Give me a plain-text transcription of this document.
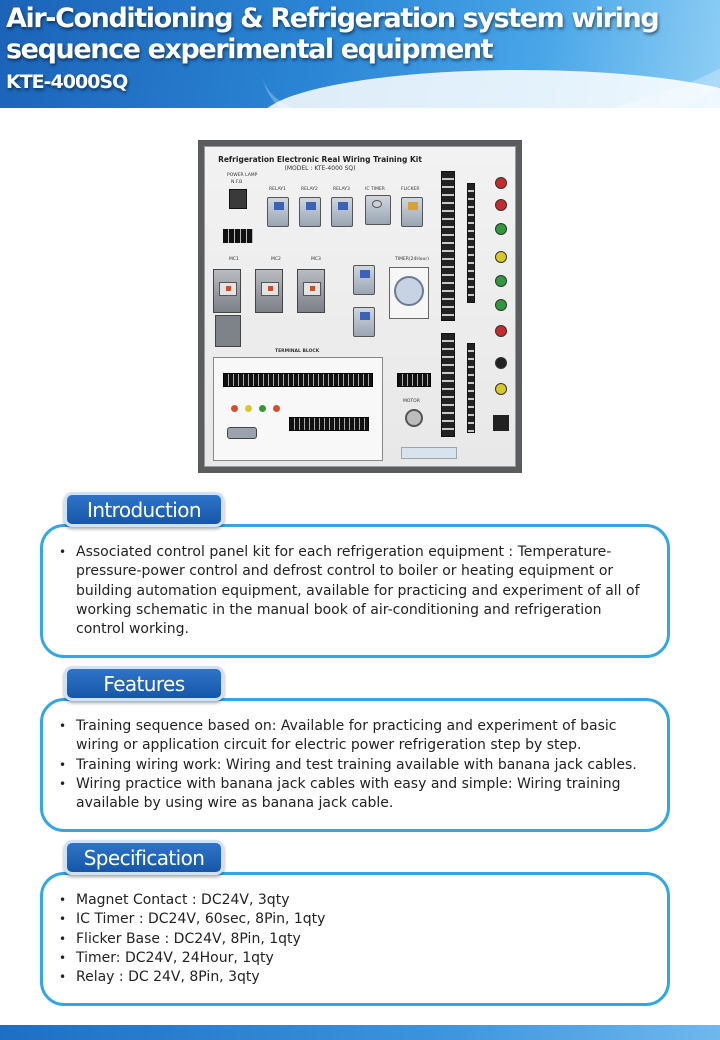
Air-Conditioning & Refrigeration system wiring sequence experimental equipment
KTE-4000SQ
Refrigeration Electronic Real Wiring Training Kit
(MODEL : KTE-4000 SQ)
POWER LAMP
N.F.B
RELAY1	RELAY2	RELAY3	IC TIMER	FLICKER
MC1	MC2	MC3	TIMER(24Hour)
TERMINAL BLOCK
MOTOR
Introduction
• Associated control panel kit for each refrigeration equipment : Temperature-pressure-power control and defrost control to boiler or heating equipment or building automation equipment, available for practicing and experiment of all of working schematic in the manual book of air-conditioning and refrigeration control working.
Features
• Training sequence based on: Available for practicing and experiment of basic wiring or application circuit for electric power refrigeration step by step.
• Training wiring work: Wiring and test training available with banana jack cables.
• Wiring practice with banana jack cables with easy and simple: Wiring training available by using wire as banana jack cable.
Specification
• Magnet Contact : DC24V, 3qty
• IC Timer : DC24V, 60sec, 8Pin, 1qty
• Flicker Base : DC24V, 8Pin, 1qty
• Timer: DC24V, 24Hour, 1qty
• Relay : DC 24V, 8Pin, 3qty
